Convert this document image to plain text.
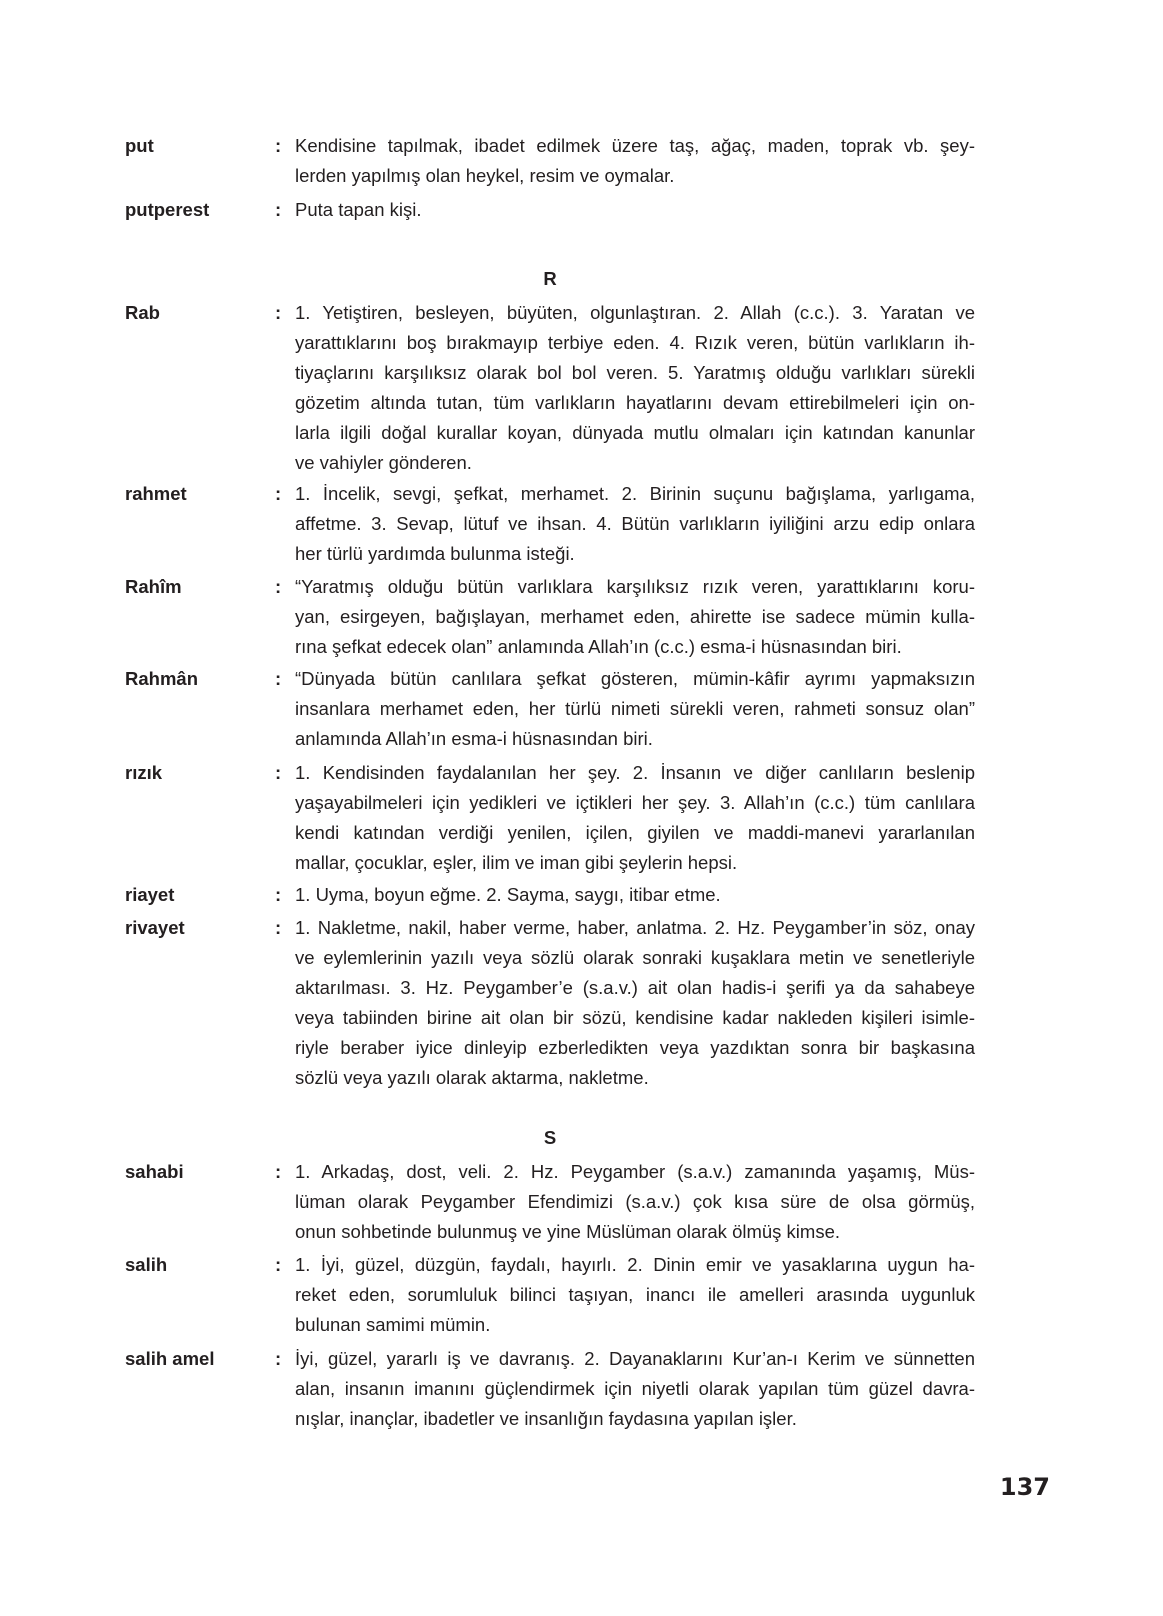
put	: Kendisine tapılmak, ibadet edilmek üzere taş, ağaç, maden, toprak vb. şey-
lerden yapılmış olan heykel, resim ve oymalar.
putperest	: Puta tapan kişi.
R
Rab	: 1. Yetiştiren, besleyen, büyüten, olgunlaştıran. 2. Allah (c.c.). 3. Yaratan ve
yarattıklarını boş bırakmayıp terbiye eden. 4. Rızık veren, bütün varlıkların ih-
tiyaçlarını karşılıksız olarak bol bol veren. 5. Yaratmış olduğu varlıkları sürekli
gözetim altında tutan, tüm varlıkların hayatlarını devam ettirebilmeleri için on-
larla ilgili doğal kurallar koyan, dünyada mutlu olmaları için katından kanunlar
ve vahiyler gönderen.
rahmet	: 1. İncelik, sevgi, şefkat, merhamet. 2. Birinin suçunu bağışlama, yarlıgama,
affetme. 3. Sevap, lütuf ve ihsan. 4. Bütün varlıkların iyiliğini arzu edip onlara
her türlü yardımda bulunma isteği.
Rahîm	: “Yaratmış olduğu bütün varlıklara karşılıksız rızık veren, yarattıklarını koru-
yan, esirgeyen, bağışlayan, merhamet eden, ahirette ise sadece mümin kulla-
rına şefkat edecek olan” anlamında Allah’ın (c.c.) esma-i hüsnasından biri.
Rahmân	: “Dünyada bütün canlılara şefkat gösteren, mümin-kâfir ayrımı yapmaksızın
insanlara merhamet eden, her türlü nimeti sürekli veren, rahmeti sonsuz olan”
anlamında Allah’ın esma-i hüsnasından biri.
rızık	: 1. Kendisinden faydalanılan her şey. 2. İnsanın ve diğer canlıların beslenip
yaşayabilmeleri için yedikleri ve içtikleri her şey. 3. Allah’ın (c.c.) tüm canlılara
kendi katından verdiği yenilen, içilen, giyilen ve maddi-manevi yararlanılan
mallar, çocuklar, eşler, ilim ve iman gibi şeylerin hepsi.
riayet	: 1. Uyma, boyun eğme. 2. Sayma, saygı, itibar etme.
rivayet	: 1. Nakletme, nakil, haber verme, haber, anlatma. 2. Hz. Peygamber’in söz, onay
ve eylemlerinin yazılı veya sözlü olarak sonraki kuşaklara metin ve senetleriyle
aktarılması. 3. Hz. Peygamber’e (s.a.v.) ait olan hadis-i şerifi ya da sahabeye
veya tabiinden birine ait olan bir sözü, kendisine kadar nakleden kişileri isimle-
riyle beraber iyice dinleyip ezberledikten veya yazdıktan sonra bir başkasına
sözlü veya yazılı olarak aktarma, nakletme.
S
sahabi	: 1. Arkadaş, dost, veli. 2. Hz. Peygamber (s.a.v.) zamanında yaşamış, Müs-
lüman olarak Peygamber Efendimizi (s.a.v.) çok kısa süre de olsa görmüş,
onun sohbetinde bulunmuş ve yine Müslüman olarak ölmüş kimse.
salih	: 1. İyi, güzel, düzgün, faydalı, hayırlı. 2. Dinin emir ve yasaklarına uygun ha-
reket eden, sorumluluk bilinci taşıyan, inancı ile amelleri arasında uygunluk
bulunan samimi mümin.
salih amel	: İyi, güzel, yararlı iş ve davranış. 2. Dayanaklarını Kur’an-ı Kerim ve sünnetten
alan, insanın imanını güçlendirmek için niyetli olarak yapılan tüm güzel davra-
nışlar, inançlar, ibadetler ve insanlığın faydasına yapılan işler.
137
